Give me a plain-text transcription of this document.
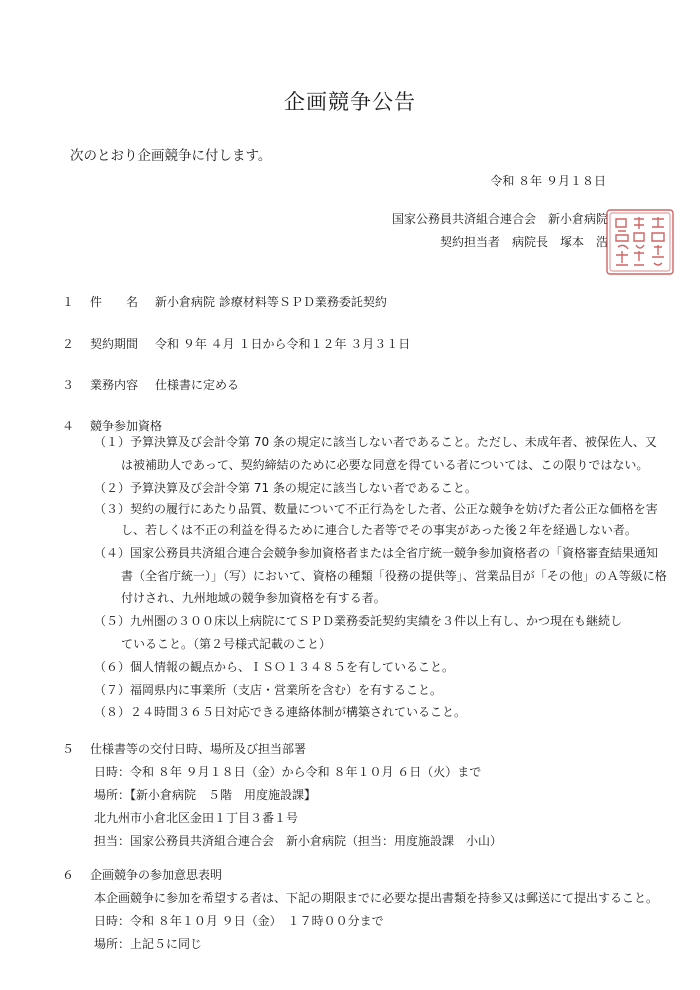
企画競争公告
次のとおり企画競争に付します。
令和 ８年 ９月１８日
国家公務員共済組合連合会　新小倉病院
契約担当者　病院長　塚本　浩
１ 件　　名 新小倉病院 診療材料等ＳＰＤ業務委託契約
２ 契約期間 令和 ９年 ４月 １日から令和１２年 ３月３１日
３ 業務内容 仕様書に定める
４ 競争参加資格
（１）予算決算及び会計令第 70 条の規定に該当しない者であること。ただし、未成年者、被保佐人、又
は被補助人であって、契約締結のために必要な同意を得ている者については、この限りではない。
（２）予算決算及び会計令第 71 条の規定に該当しない者であること。
（３）契約の履行にあたり品質、数量について不正行為をした者、公正な競争を妨げた者公正な価格を害
し、若しくは不正の利益を得るために連合した者等でその事実があった後２年を経過しない者。
（４）国家公務員共済組合連合会競争参加資格者または全省庁統一競争参加資格者の「資格審査結果通知
書（全省庁統一）」（写）において、資格の種類「役務の提供等」、営業品目が「その他」のＡ等級に格
付けされ、九州地域の競争参加資格を有する者。
（５）九州圏の３００床以上病院にてＳＰＤ業務委託契約実績を３件以上有し、かつ現在も継続し
ていること。（第２号様式記載のこと）
（６）個人情報の観点から、ＩＳＯ１３４８５を有していること。
（７）福岡県内に事業所（支店・営業所を含む）を有すること。
（８）２４時間３６５日対応できる連絡体制が構築されていること。
５ 仕様書等の交付日時、場所及び担当部署
日時：令和 ８年 ９月１８日（金）から令和 ８年１０月 ６日（火）まで
場所：【新小倉病院　５階　用度施設課】
北九州市小倉北区金田１丁目３番１号
担当：国家公務員共済組合連合会　新小倉病院（担当：用度施設課　小山）
６ 企画競争の参加意思表明
本企画競争に参加を希望する者は、下記の期限までに必要な提出書類を持参又は郵送にて提出すること。
日時：令和 ８年１０月 ９日（金）　１７時００分まで
場所：上記５に同じ
